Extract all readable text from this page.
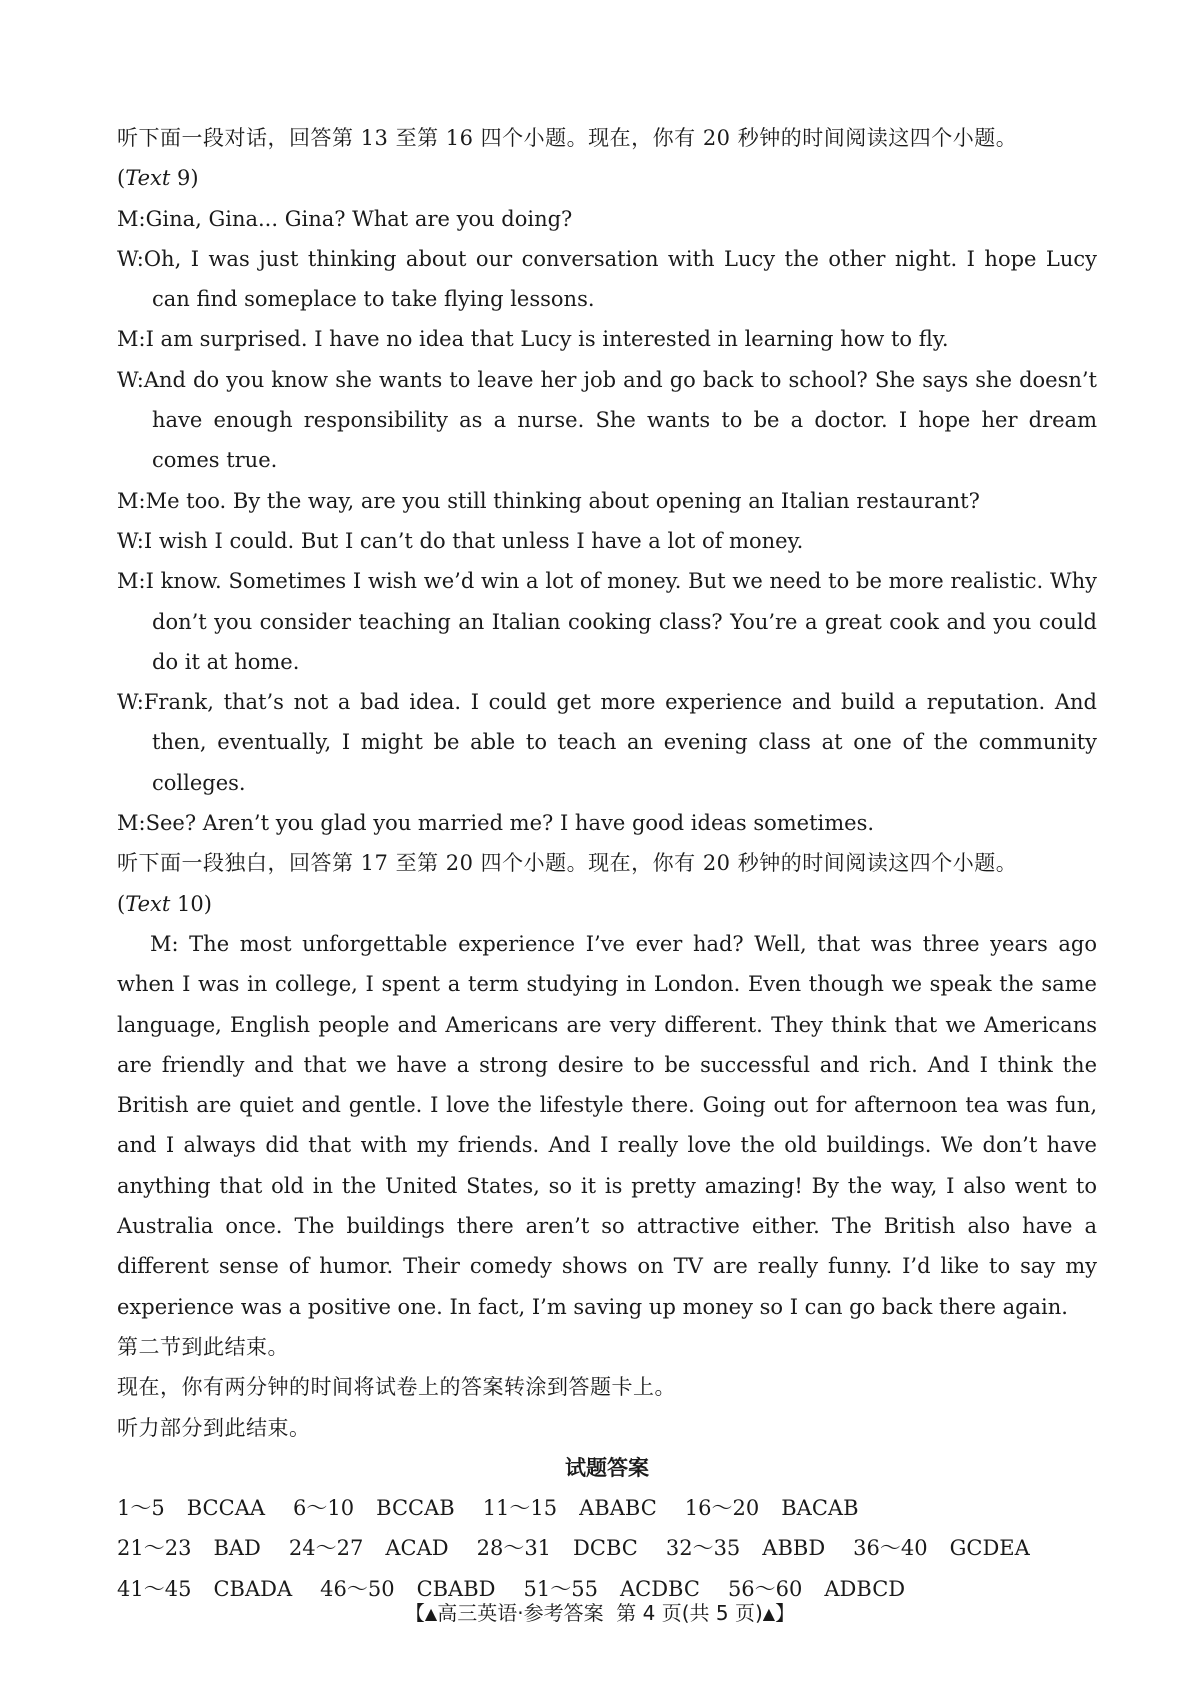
听下面一段对话，回答第 13 至第 16 四个小题。现在，你有 20 秒钟的时间阅读这四个小题。

(Text 9)

M:Gina, Gina... Gina? What are you doing?

W:Oh, I was just thinking about our conversation with Lucy the other night. I hope Lucy can find someplace to take flying lessons.

M:I am surprised. I have no idea that Lucy is interested in learning how to fly.

W:And do you know she wants to leave her job and go back to school? She says she doesn’t have enough responsibility as a nurse. She wants to be a doctor. I hope her dream comes true.

M:Me too. By the way, are you still thinking about opening an Italian restaurant?

W:I wish I could. But I can’t do that unless I have a lot of money.

M:I know. Sometimes I wish we’d win a lot of money. But we need to be more realistic. Why don’t you consider teaching an Italian cooking class? You’re a great cook and you could do it at home.

W:Frank, that’s not a bad idea. I could get more experience and build a reputation. And then, eventually, I might be able to teach an evening class at one of the community colleges.

M:See? Aren’t you glad you married me? I have good ideas sometimes.

听下面一段独白，回答第 17 至第 20 四个小题。现在，你有 20 秒钟的时间阅读这四个小题。

(Text 10)

M: The most unforgettable experience I’ve ever had? Well, that was three years ago when I was in college, I spent a term studying in London. Even though we speak the same language, English people and Americans are very different. They think that we Americans are friendly and that we have a strong desire to be successful and rich. And I think the British are quiet and gentle. I love the lifestyle there. Going out for afternoon tea was fun, and I always did that with my friends. And I really love the old buildings. We don’t have anything that old in the United States, so it is pretty amazing! By the way, I also went to Australia once. The buildings there aren’t so attractive either. The British also have a different sense of humor. Their comedy shows on TV are really funny. I’d like to say my experience was a positive one. In fact, I’m saving up money so I can go back there again.

第二节到此结束。

现在，你有两分钟的时间将试卷上的答案转涂到答题卡上。

听力部分到此结束。

试题答案

1～5 BCCAA 6～10 BCCAB 11～15 ABABC 16～20 BACAB

21～23 BAD 24～27 ACAD 28～31 DCBC 32～35 ABBD 36～40 GCDEA

41～45 CBADA 46～50 CBABD 51～55 ACDBC 56～60 ADBCD

【▲高三英语·参考答案 第 4 页(共 5 页)▲】
